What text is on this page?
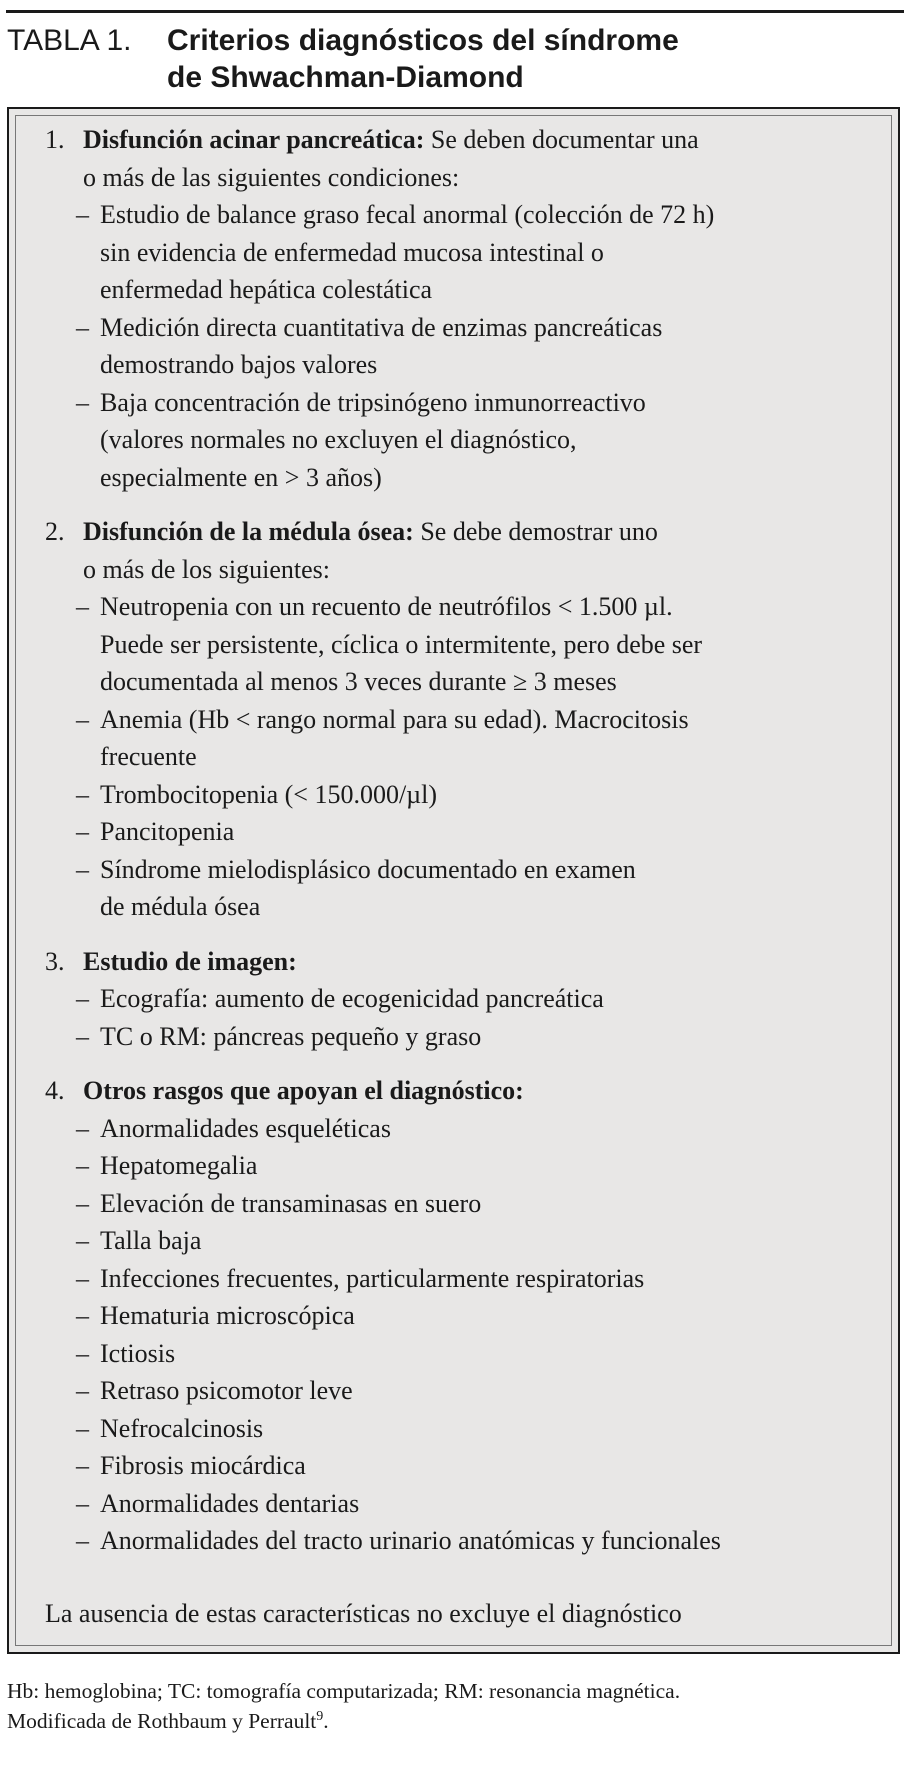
TABLA 1. Criterios diagnósticos del síndrome
de Shwachman-Diamond
1. Disfunción acinar pancreática: Se deben documentar una
o más de las siguientes condiciones:
– Estudio de balance graso fecal anormal (colección de 72 h)
sin evidencia de enfermedad mucosa intestinal o
enfermedad hepática colestática
– Medición directa cuantitativa de enzimas pancreáticas
demostrando bajos valores
– Baja concentración de tripsinógeno inmunorreactivo
(valores normales no excluyen el diagnóstico,
especialmente en > 3 años)
2. Disfunción de la médula ósea: Se debe demostrar uno
o más de los siguientes:
– Neutropenia con un recuento de neutrófilos < 1.500 µl.
Puede ser persistente, cíclica o intermitente, pero debe ser
documentada al menos 3 veces durante ≥ 3 meses
– Anemia (Hb < rango normal para su edad). Macrocitosis
frecuente
– Trombocitopenia (< 150.000/µl)
– Pancitopenia
– Síndrome mielodisplásico documentado en examen
de médula ósea
3. Estudio de imagen:
– Ecografía: aumento de ecogenicidad pancreática
– TC o RM: páncreas pequeño y graso
4. Otros rasgos que apoyan el diagnóstico:
– Anormalidades esqueléticas
– Hepatomegalia
– Elevación de transaminasas en suero
– Talla baja
– Infecciones frecuentes, particularmente respiratorias
– Hematuria microscópica
– Ictiosis
– Retraso psicomotor leve
– Nefrocalcinosis
– Fibrosis miocárdica
– Anormalidades dentarias
– Anormalidades del tracto urinario anatómicas y funcionales
La ausencia de estas características no excluye el diagnóstico
Hb: hemoglobina; TC: tomografía computarizada; RM: resonancia magnética.
Modificada de Rothbaum y Perrault$^9$.
